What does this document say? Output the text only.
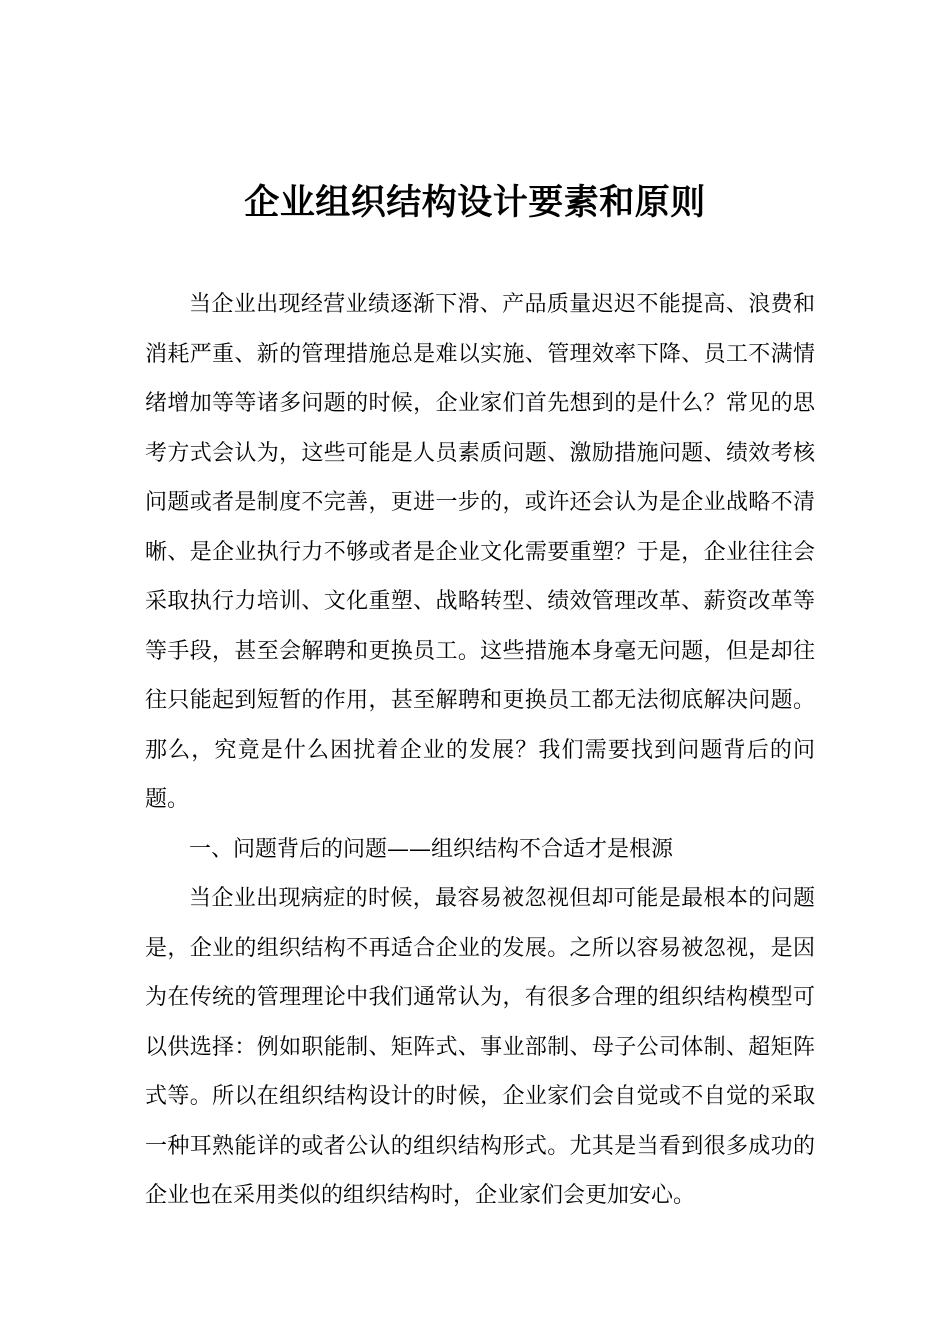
企业组织结构设计要素和原则

当企业出现经营业绩逐渐下滑、产品质量迟迟不能提高、浪费和消耗严重、新的管理措施总是难以实施、管理效率下降、员工不满情绪增加等等诸多问题的时候，企业家们首先想到的是什么？常见的思考方式会认为，这些可能是人员素质问题、激励措施问题、绩效考核问题或者是制度不完善，更进一步的，或许还会认为是企业战略不清晰、是企业执行力不够或者是企业文化需要重塑？于是，企业往往会采取执行力培训、文化重塑、战略转型、绩效管理改革、薪资改革等等手段，甚至会解聘和更换员工。这些措施本身毫无问题，但是却往往只能起到短暂的作用，甚至解聘和更换员工都无法彻底解决问题。那么，究竟是什么困扰着企业的发展？我们需要找到问题背后的问题。

一、问题背后的问题——组织结构不合适才是根源

当企业出现病症的时候，最容易被忽视但却可能是最根本的问题是，企业的组织结构不再适合企业的发展。之所以容易被忽视，是因为在传统的管理理论中我们通常认为，有很多合理的组织结构模型可以供选择：例如职能制、矩阵式、事业部制、母子公司体制、超矩阵式等。所以在组织结构设计的时候，企业家们会自觉或不自觉的采取一种耳熟能详的或者公认的组织结构形式。尤其是当看到很多成功的企业也在采用类似的组织结构时，企业家们会更加安心。
